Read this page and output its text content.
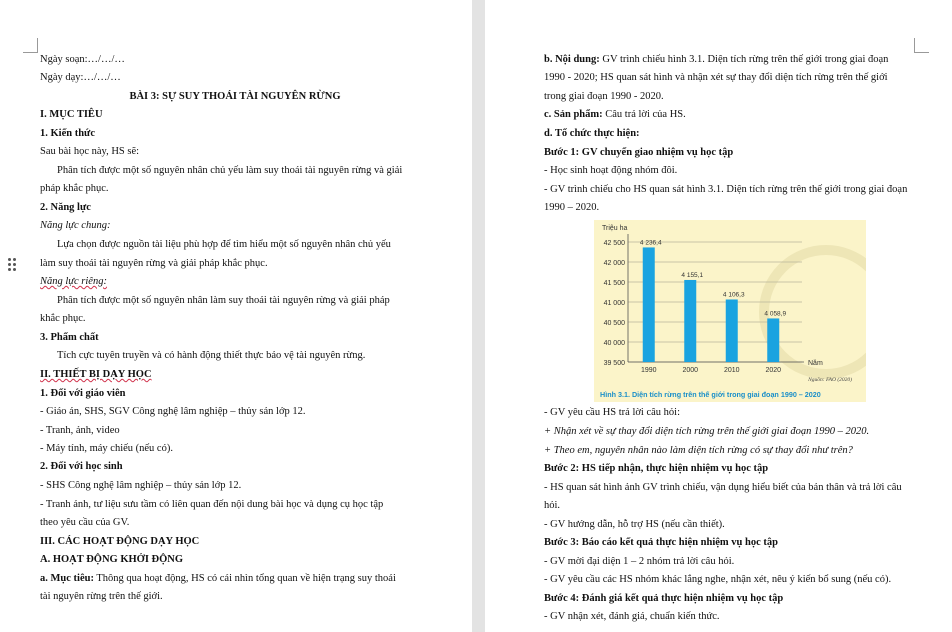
Ngày soạn:…/…/…
Ngày dạy:…/…/…
BÀI 3: SỰ SUY THOÁI TÀI NGUYÊN RỪNG
I. MỤC TIÊU
1. Kiến thức
Sau bài học này, HS sẽ:
Phân tích được một số nguyên nhân chủ yếu làm suy thoái tài nguyên rừng và giải
pháp khắc phục.
2. Năng lực
Năng lực chung:
Lựa chọn được nguồn tài liệu phù hợp để tìm hiểu một số nguyên nhân chủ yếu
làm suy thoái tài nguyên rừng và giải pháp khắc phục.
Năng lực riêng:
Phân tích được một số nguyên nhân làm suy thoái tài nguyên rừng và giải pháp
khắc phục.
3. Phẩm chất
Tích cực tuyên truyền và có hành động thiết thực bảo vệ tài nguyên rừng.
II. THIẾT BỊ DẠY HỌC
1. Đối với giáo viên
- Giáo án, SHS, SGV Công nghệ lâm nghiệp – thủy sản lớp 12.
- Tranh, ảnh, video
- Máy tính, máy chiếu (nếu có).
2. Đối với học sinh
- SHS Công nghệ lâm nghiệp – thủy sản lớp 12.
- Tranh ảnh, tư liệu sưu tầm có liên quan đến nội dung bài học và dụng cụ học tập
theo yêu cầu của GV.
III. CÁC HOẠT ĐỘNG DẠY HỌC
A. HOẠT ĐỘNG KHỞI ĐỘNG
a. Mục tiêu: Thông qua hoạt động, HS có cái nhìn tổng quan về hiện trạng suy thoái
tài nguyên rừng trên thế giới.
b. Nội dung: GV trình chiếu hình 3.1. Diện tích rừng trên thế giới trong giai đoạn
1990 - 2020; HS quan sát hình và nhận xét sự thay đổi diện tích rừng trên thế giới
trong giai đoạn 1990 - 2020.
c. Sản phẩm: Câu trả lời của HS.
d. Tổ chức thực hiện:
Bước 1: GV chuyển giao nhiệm vụ học tập
- Học sinh hoạt động nhóm đôi.
- GV trình chiếu cho HS quan sát hình 3.1. Diện tích rừng trên thế giới trong giai đoạn
1990 – 2020.
39 500
40 000
40 500
41 000
41 500
42 000
42 500
Triệu ha
Năm
4 236,4
1990
4 155,1
2000
4 106,3
2010
4 058,9
2020
Nguồn: FAO (2020)
Hình 3.1. Diện tích rừng trên thế giới trong giai đoạn 1990 – 2020
- GV yêu cầu HS trả lời câu hỏi:
+ Nhận xét về sự thay đổi diện tích rừng trên thế giới giai đoạn 1990 – 2020.
+ Theo em, nguyên nhân nào làm diện tích rừng có sự thay đổi như trên?
Bước 2: HS tiếp nhận, thực hiện nhiệm vụ học tập
- HS quan sát hình ảnh GV trình chiếu, vận dụng hiểu biết của bản thân và trả lời câu
hỏi.
- GV hướng dẫn, hỗ trợ HS (nếu cần thiết).
Bước 3: Báo cáo kết quả thực hiện nhiệm vụ học tập
- GV mời đại diện 1 – 2 nhóm trả lời câu hỏi.
- GV yêu cầu các HS nhóm khác lắng nghe, nhận xét, nêu ý kiến bổ sung (nếu có).
Bước 4: Đánh giá kết quả thực hiện nhiệm vụ học tập
- GV nhận xét, đánh giá, chuẩn kiến thức.
